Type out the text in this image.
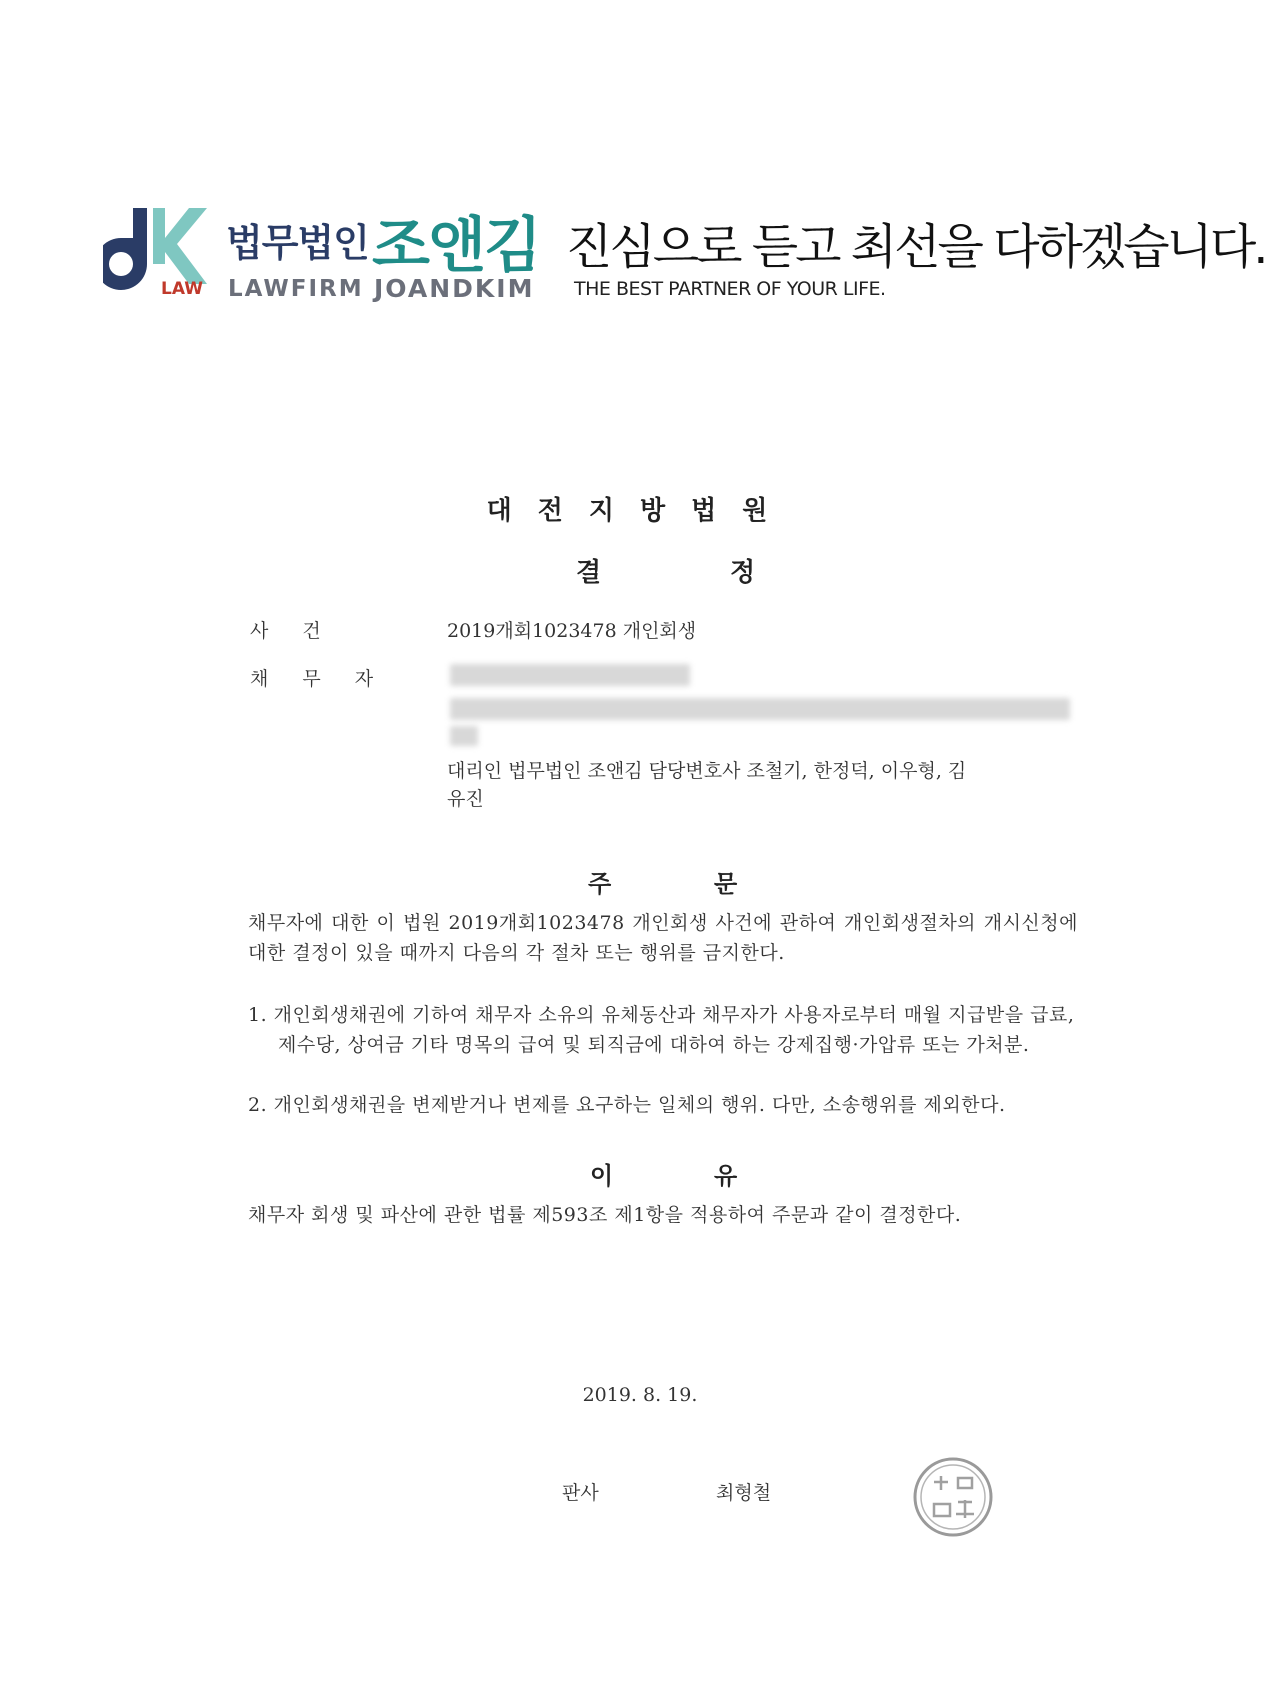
LAW
법무법인 조앤김
LAWFIRM JOANDKIM
진심으로 듣고 최선을 다하겠습니다.
THE BEST PARTNER OF YOUR LIFE.
대전지방법원
결	정
사건	2019개회1023478 개인회생
채무자
대리인 법무법인 조앤김 담당변호사 조철기, 한정덕, 이우형, 김
유진
주	문
채무자에 대한 이 법원 2019개회1023478 개인회생 사건에 관하여 개인회생절차의 개시신청에 대한 결정이 있을 때까지 다음의 각 절차 또는 행위를 금지한다.
1. 개인회생채권에 기하여 채무자 소유의 유체동산과 채무자가 사용자로부터 매월 지급받을 급료, 제수당, 상여금 기타 명목의 급여 및 퇴직금에 대하여 하는 강제집행·가압류 또는 가처분.
2. 개인회생채권을 변제받거나 변제를 요구하는 일체의 행위. 다만, 소송행위를 제외한다.
이	유
채무자 회생 및 파산에 관한 법률 제593조 제1항을 적용하여 주문과 같이 결정한다.
2019. 8. 19.
판사	최형철
